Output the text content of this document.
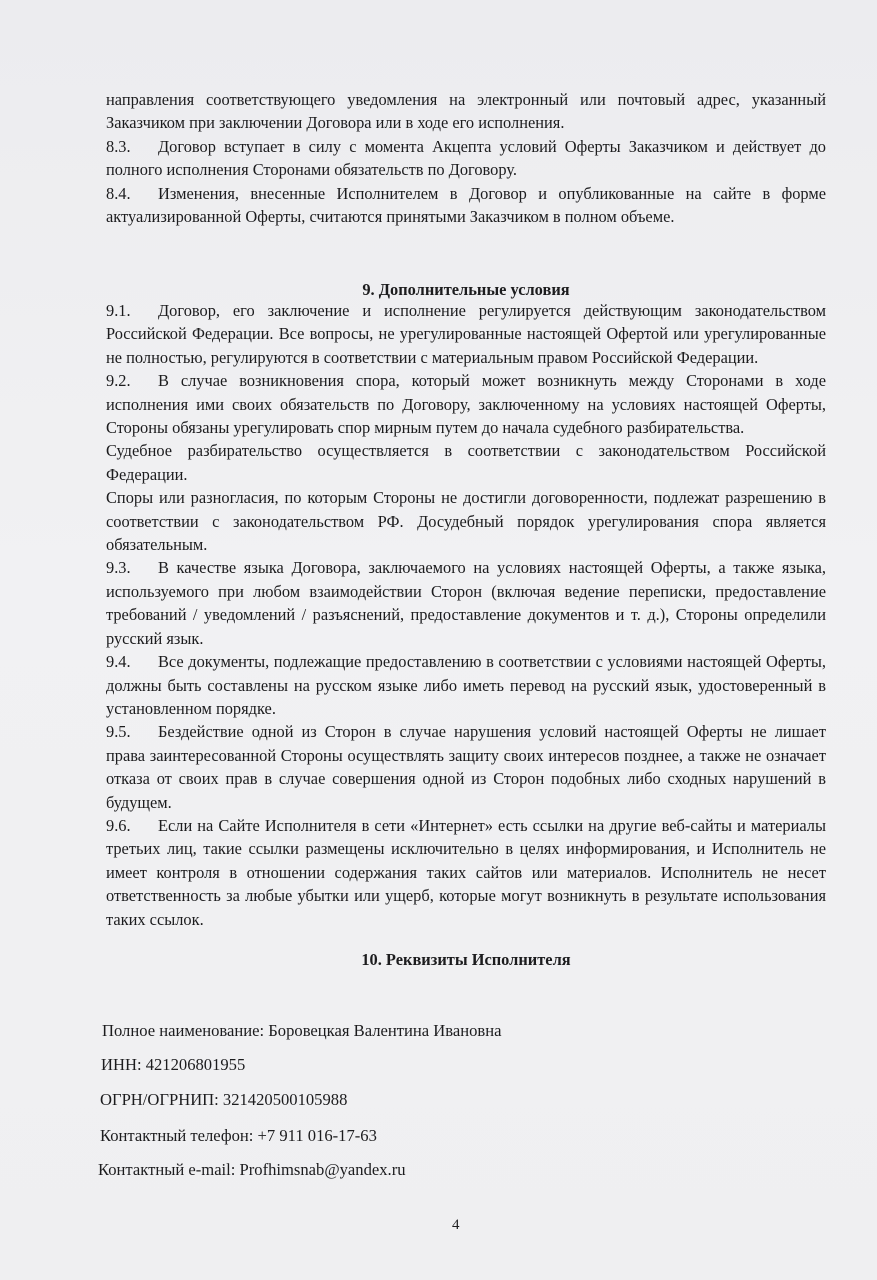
направления соответствующего уведомления на электронный или почтовый адрес, указанный Заказчиком при заключении Договора или в ходе его исполнения.

8.3. Договор вступает в силу с момента Акцепта условий Оферты Заказчиком и действует до полного исполнения Сторонами обязательств по Договору.

8.4. Изменения, внесенные Исполнителем в Договор и опубликованные на сайте в форме актуализированной Оферты, считаются принятыми Заказчиком в полном объеме.

9. Дополнительные условия

9.1. Договор, его заключение и исполнение регулируется действующим законодательством Российской Федерации. Все вопросы, не урегулированные настоящей Офертой или урегулированные не полностью, регулируются в соответствии с материальным правом Российской Федерации.

9.2. В случае возникновения спора, который может возникнуть между Сторонами в ходе исполнения ими своих обязательств по Договору, заключенному на условиях настоящей Оферты, Стороны обязаны урегулировать спор мирным путем до начала судебного разбирательства.

Судебное разбирательство осуществляется в соответствии с законодательством Российской Федерации.

Споры или разногласия, по которым Стороны не достигли договоренности, подлежат разрешению в соответствии с законодательством РФ. Досудебный порядок урегулирования спора является обязательным.

9.3. В качестве языка Договора, заключаемого на условиях настоящей Оферты, а также языка, используемого при любом взаимодействии Сторон (включая ведение переписки, предоставление требований / уведомлений / разъяснений, предоставление документов и т. д.), Стороны определили русский язык.

9.4. Все документы, подлежащие предоставлению в соответствии с условиями настоящей Оферты, должны быть составлены на русском языке либо иметь перевод на русский язык, удостоверенный в установленном порядке.

9.5. Бездействие одной из Сторон в случае нарушения условий настоящей Оферты не лишает права заинтересованной Стороны осуществлять защиту своих интересов позднее, а также не означает отказа от своих прав в случае совершения одной из Сторон подобных либо сходных нарушений в будущем.

9.6. Если на Сайте Исполнителя в сети «Интернет» есть ссылки на другие веб-сайты и материалы третьих лиц, такие ссылки размещены исключительно в целях информирования, и Исполнитель не имеет контроля в отношении содержания таких сайтов или материалов. Исполнитель не несет ответственность за любые убытки или ущерб, которые могут возникнуть в результате использования таких ссылок.

10. Реквизиты Исполнителя
Полное наименование: Боровецкая Валентина Ивановна
ИНН: 421206801955
ОГРН/ОГРНИП: 321420500105988
Контактный телефон: +7 911 016-17-63
Контактный e-mail: Profhimsnab@yandex.ru
4
